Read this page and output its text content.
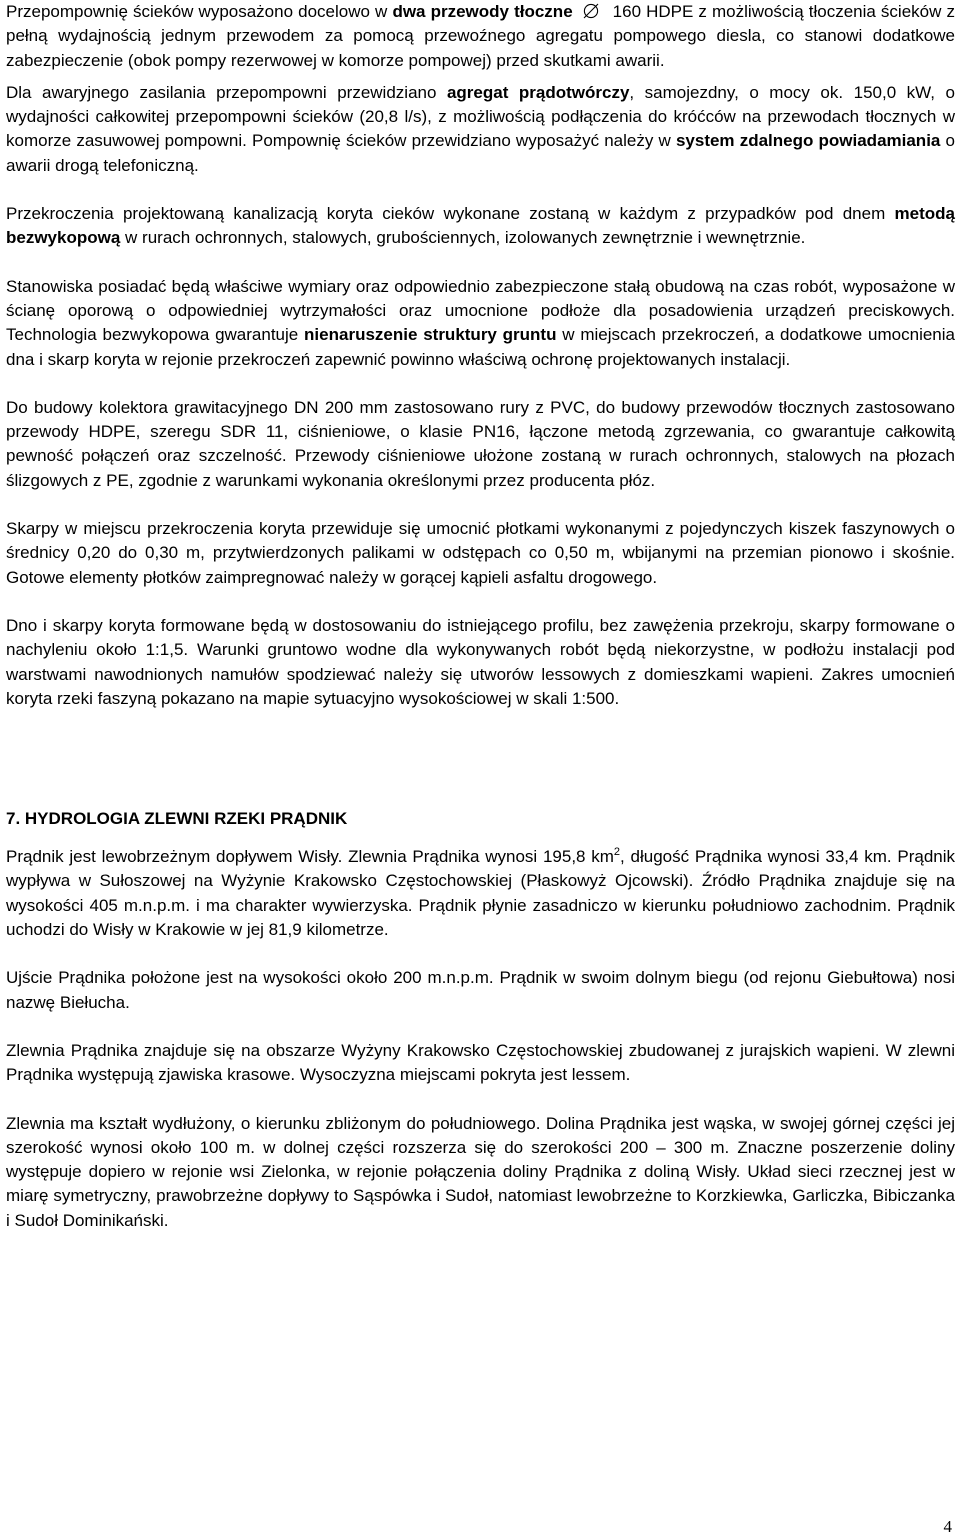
Przepompownię ścieków wyposażono docelowo w dwa przewody tłoczne 160 HDPE z możliwością tłoczenia ścieków z pełną wydajnością jednym przewodem za pomocą przewoźnego agregatu pompowego diesla, co stanowi dodatkowe zabezpieczenie (obok pompy rezerwowej w komorze pompowej) przed skutkami awarii.

Dla awaryjnego zasilania przepompowni przewidziano agregat prądotwórczy, samojezdny, o mocy ok. 150,0 kW, o wydajności całkowitej przepompowni ścieków (20,8 l/s), z możliwością podłączenia do króćców na przewodach tłocznych w komorze zasuwowej pompowni. Pompownię ścieków przewidziano wyposażyć należy w system zdalnego powiadamiania o awarii drogą telefoniczną.

Przekroczenia projektowaną kanalizacją koryta cieków wykonane zostaną w każdym z przypadków pod dnem metodą bezwykopową w rurach ochronnych, stalowych, grubościennych, izolowanych zewnętrznie i wewnętrznie.

Stanowiska posiadać będą właściwe wymiary oraz odpowiednio zabezpieczone stałą obudową na czas robót, wyposażone w ścianę oporową o odpowiedniej wytrzymałości oraz umocnione podłoże dla posadowienia urządzeń preciskowych. Technologia bezwykopowa gwarantuje nienaruszenie struktury gruntu w miejscach przekroczeń, a dodatkowe umocnienia dna i skarp koryta w rejonie przekroczeń zapewnić powinno właściwą ochronę projektowanych instalacji.

Do budowy kolektora grawitacyjnego DN 200 mm zastosowano rury z PVC, do budowy przewodów tłocznych zastosowano przewody HDPE, szeregu SDR 11, ciśnieniowe, o klasie PN16, łączone metodą zgrzewania, co gwarantuje całkowitą pewność połączeń oraz szczelność. Przewody ciśnieniowe ułożone zostaną w rurach ochronnych, stalowych na płozach ślizgowych z PE, zgodnie z warunkami wykonania określonymi przez producenta płóz.

Skarpy w miejscu przekroczenia koryta przewiduje się umocnić płotkami wykonanymi z pojedynczych kiszek faszynowych o średnicy 0,20 do 0,30 m, przytwierdzonych palikami w odstępach co 0,50 m, wbijanymi na przemian pionowo i skośnie. Gotowe elementy płotków zaimpregnować należy w gorącej kąpieli asfaltu drogowego.

Dno i skarpy koryta formowane będą w dostosowaniu do istniejącego profilu, bez zawężenia przekroju, skarpy formowane o nachyleniu około 1:1,5. Warunki gruntowo wodne dla wykonywanych robót będą niekorzystne, w podłożu instalacji pod warstwami nawodnionych namułów spodziewać należy się utworów lessowych z domieszkami wapieni. Zakres umocnień koryta rzeki faszyną pokazano na mapie sytuacyjno wysokościowej w skali 1:500.

7. HYDROLOGIA ZLEWNI RZEKI PRĄDNIK

Prądnik jest lewobrzeżnym dopływem Wisły. Zlewnia Prądnika wynosi 195,8 $km^2$, długość Prądnika wynosi 33,4 km. Prądnik wypływa w Sułoszowej na Wyżynie Krakowsko Częstochowskiej (Płaskowyż Ojcowski). Źródło Prądnika znajduje się na wysokości 405 m.n.p.m. i ma charakter wywierzyska. Prądnik płynie zasadniczo w kierunku południowo zachodnim. Prądnik uchodzi do Wisły w Krakowie w jej 81,9 kilometrze.

Ujście Prądnika położone jest na wysokości około 200 m.n.p.m. Prądnik w swoim dolnym biegu (od rejonu Giebułtowa) nosi nazwę Biełucha.

Zlewnia Prądnika znajduje się na obszarze Wyżyny Krakowsko Częstochowskiej zbudowanej z jurajskich wapieni. W zlewni Prądnika występują zjawiska krasowe. Wysoczyzna miejscami pokryta jest lessem.

Zlewnia ma kształt wydłużony, o kierunku zbliżonym do południowego. Dolina Prądnika jest wąska, w swojej górnej części jej szerokość wynosi około 100 m. w dolnej części rozszerza się do szerokości 200 – 300 m. Znaczne poszerzenie doliny występuje dopiero w rejonie wsi Zielonka, w rejonie połączenia doliny Prądnika z doliną Wisły. Układ sieci rzecznej jest w miarę symetryczny, prawobrzeżne dopływy to Sąspówka i Sudoł, natomiast lewobrzeżne to Korzkiewka, Garliczka, Bibiczanka i Sudoł Dominikański.

4
